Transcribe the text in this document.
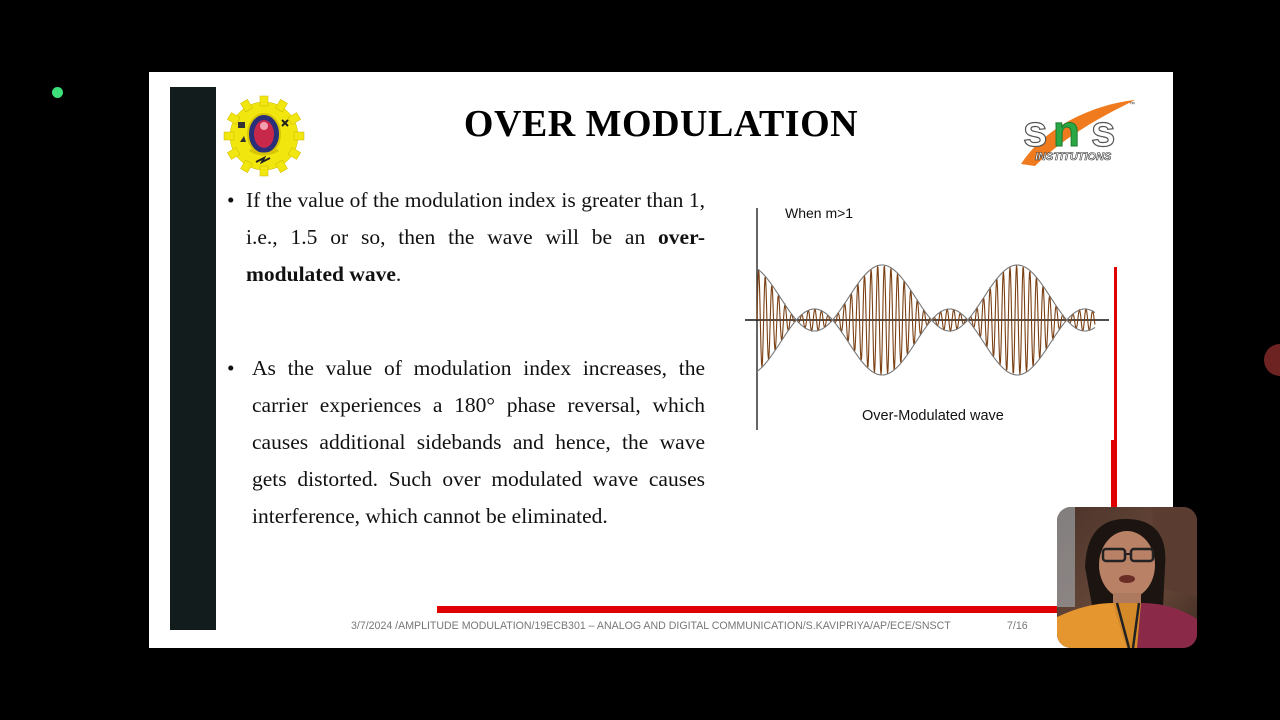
OVER MODULATION	s n s
INSTITUTIONS
™
• If the value of the modulation index is greater than 1, i.e., 1.5 or so, then the wave will be an over-modulated wave.
• As the value of modulation index increases, the carrier experiences a 180° phase reversal, which causes additional sidebands and hence, the wave gets distorted. Such over modulated wave causes interference, which cannot be eliminated.
When m>1
Over-Modulated wave
3/7/2024 /AMPLITUDE MODULATION/19ECB301 – ANALOG AND DIGITAL COMMUNICATION/S.KAVIPRIYA/AP/ECE/SNSCT	7/16
